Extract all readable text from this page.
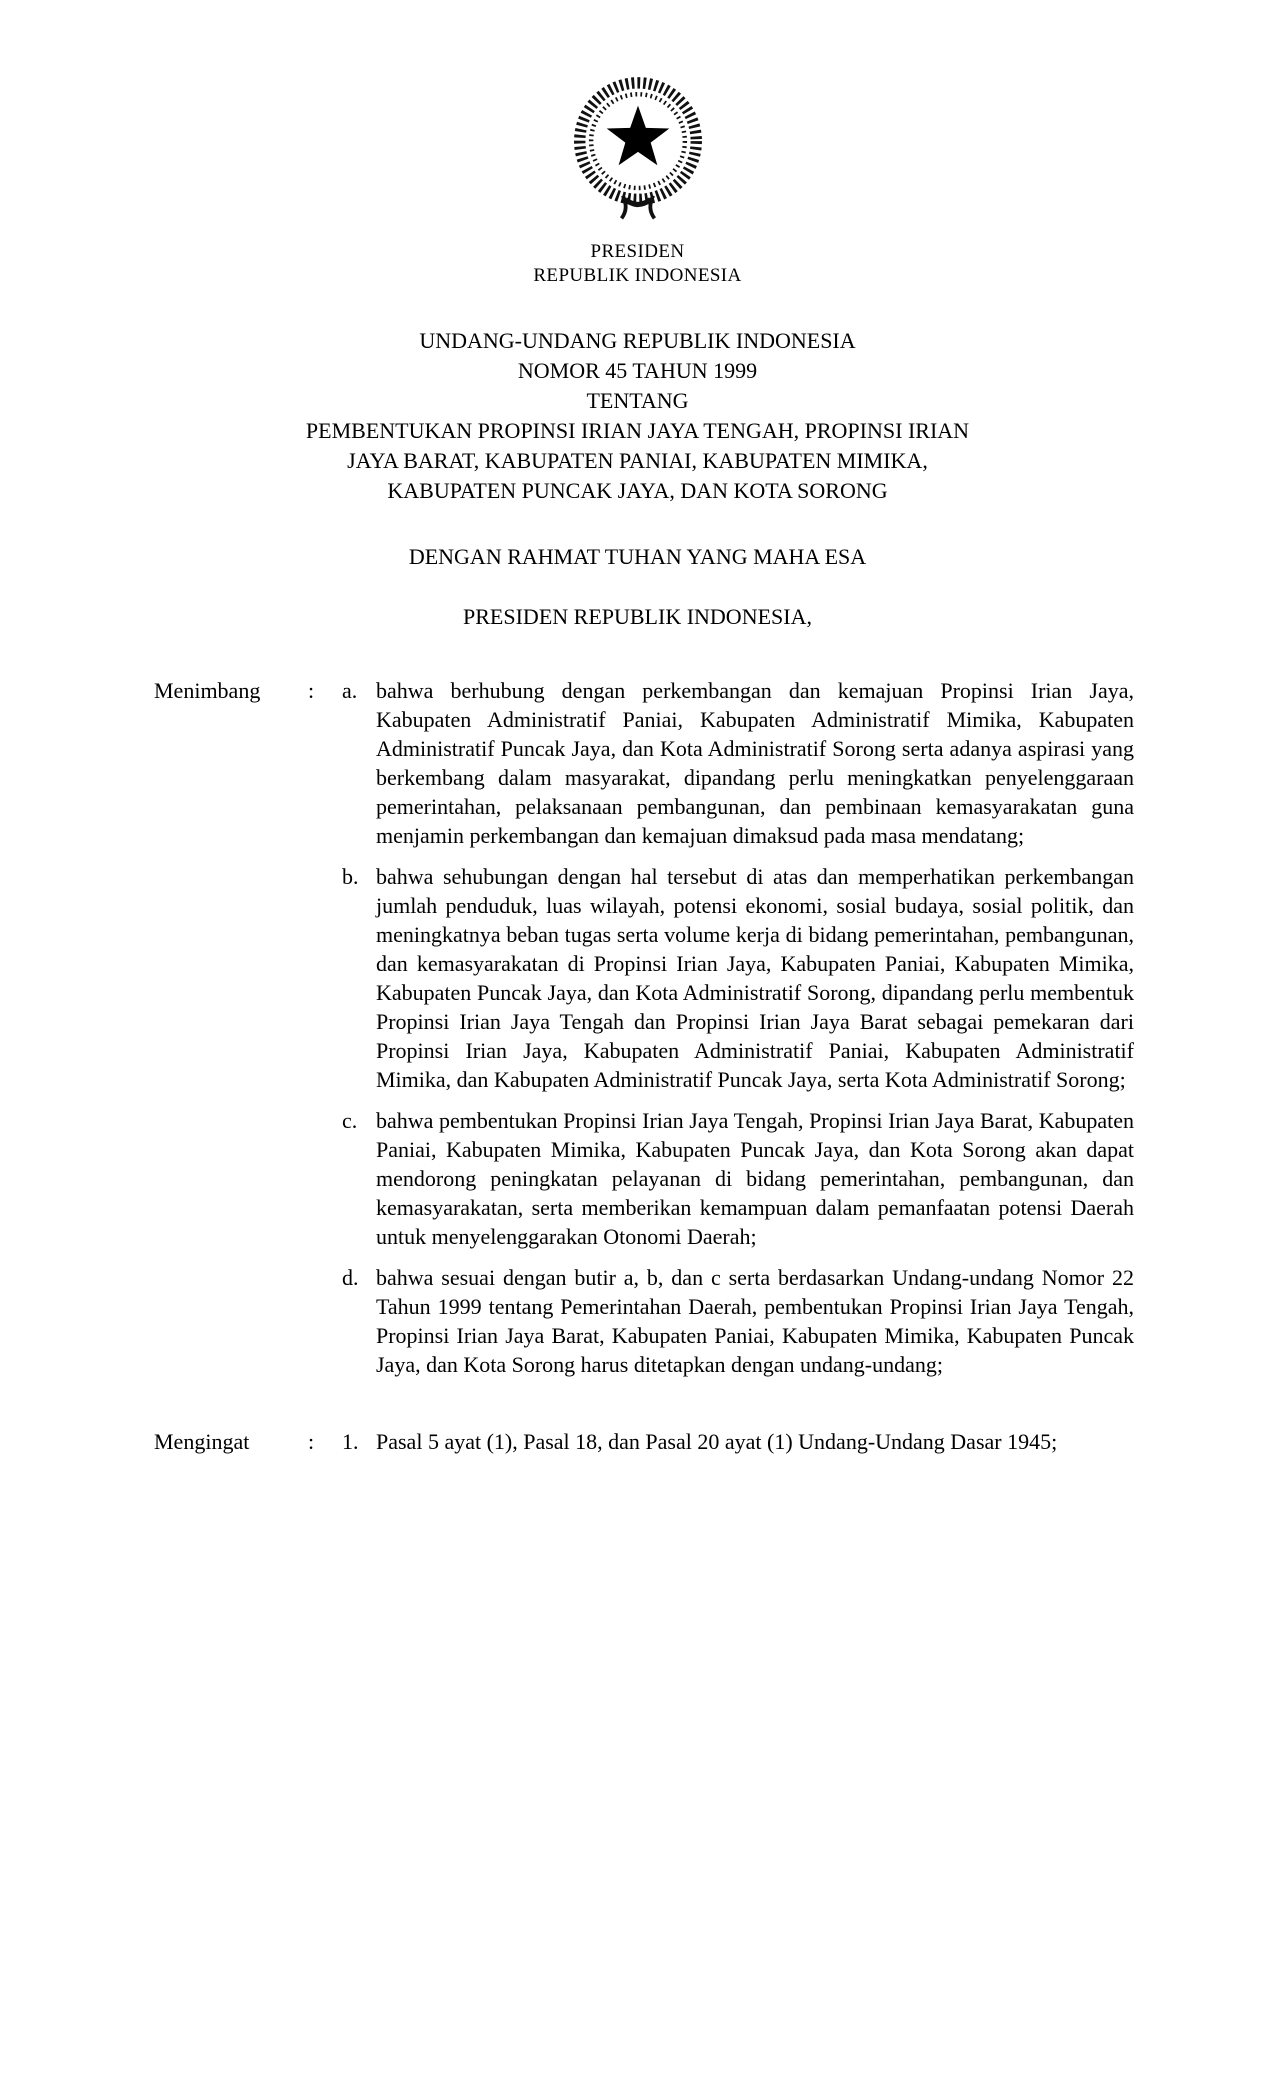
PRESIDEN
REPUBLIK INDONESIA
UNDANG-UNDANG REPUBLIK INDONESIA
NOMOR 45 TAHUN 1999
TENTANG
PEMBENTUKAN PROPINSI IRIAN JAYA TENGAH, PROPINSI IRIAN
JAYA BARAT, KABUPATEN PANIAI, KABUPATEN MIMIKA,
KABUPATEN PUNCAK JAYA, DAN KOTA SORONG
DENGAN RAHMAT TUHAN YANG MAHA ESA
PRESIDEN REPUBLIK INDONESIA,
Menimbang	:	a. bahwa berhubung dengan perkembangan dan kemajuan Propinsi Irian Jaya, Kabupaten Administratif Paniai, Kabupaten Administratif Mimika, Kabupaten Administratif Puncak Jaya, dan Kota Administratif Sorong serta adanya aspirasi yang berkembang dalam masyarakat, dipandang perlu meningkatkan penyelenggaraan pemerintahan, pelaksanaan pembangunan, dan pembinaan kemasyarakatan guna menjamin perkembangan dan kemajuan dimaksud pada masa mendatang;
b. bahwa sehubungan dengan hal tersebut di atas dan memperhatikan perkembangan jumlah penduduk, luas wilayah, potensi ekonomi, sosial budaya, sosial politik, dan meningkatnya beban tugas serta volume kerja di bidang pemerintahan, pembangunan, dan kemasyarakatan di Propinsi Irian Jaya, Kabupaten Paniai, Kabupaten Mimika, Kabupaten Puncak Jaya, dan Kota Administratif Sorong, dipandang perlu membentuk Propinsi Irian Jaya Tengah dan Propinsi Irian Jaya Barat sebagai pemekaran dari Propinsi Irian Jaya, Kabupaten Administratif Paniai, Kabupaten Administratif Mimika, dan Kabupaten Administratif Puncak Jaya, serta Kota Administratif Sorong;
c. bahwa pembentukan Propinsi Irian Jaya Tengah, Propinsi Irian Jaya Barat, Kabupaten Paniai, Kabupaten Mimika, Kabupaten Puncak Jaya, dan Kota Sorong akan dapat mendorong peningkatan pelayanan di bidang pemerintahan, pembangunan, dan kemasyarakatan, serta memberikan kemampuan dalam pemanfaatan potensi Daerah untuk menyelenggarakan Otonomi Daerah;
d. bahwa sesuai dengan butir a, b, dan c serta berdasarkan Undang-undang Nomor 22 Tahun 1999 tentang Pemerintahan Daerah, pembentukan Propinsi Irian Jaya Tengah, Propinsi Irian Jaya Barat, Kabupaten Paniai, Kabupaten Mimika, Kabupaten Puncak Jaya, dan Kota Sorong harus ditetapkan dengan undang-undang;
Mengingat	:	1. Pasal 5 ayat (1), Pasal 18, dan Pasal 20 ayat (1) Undang-Undang Dasar 1945;
